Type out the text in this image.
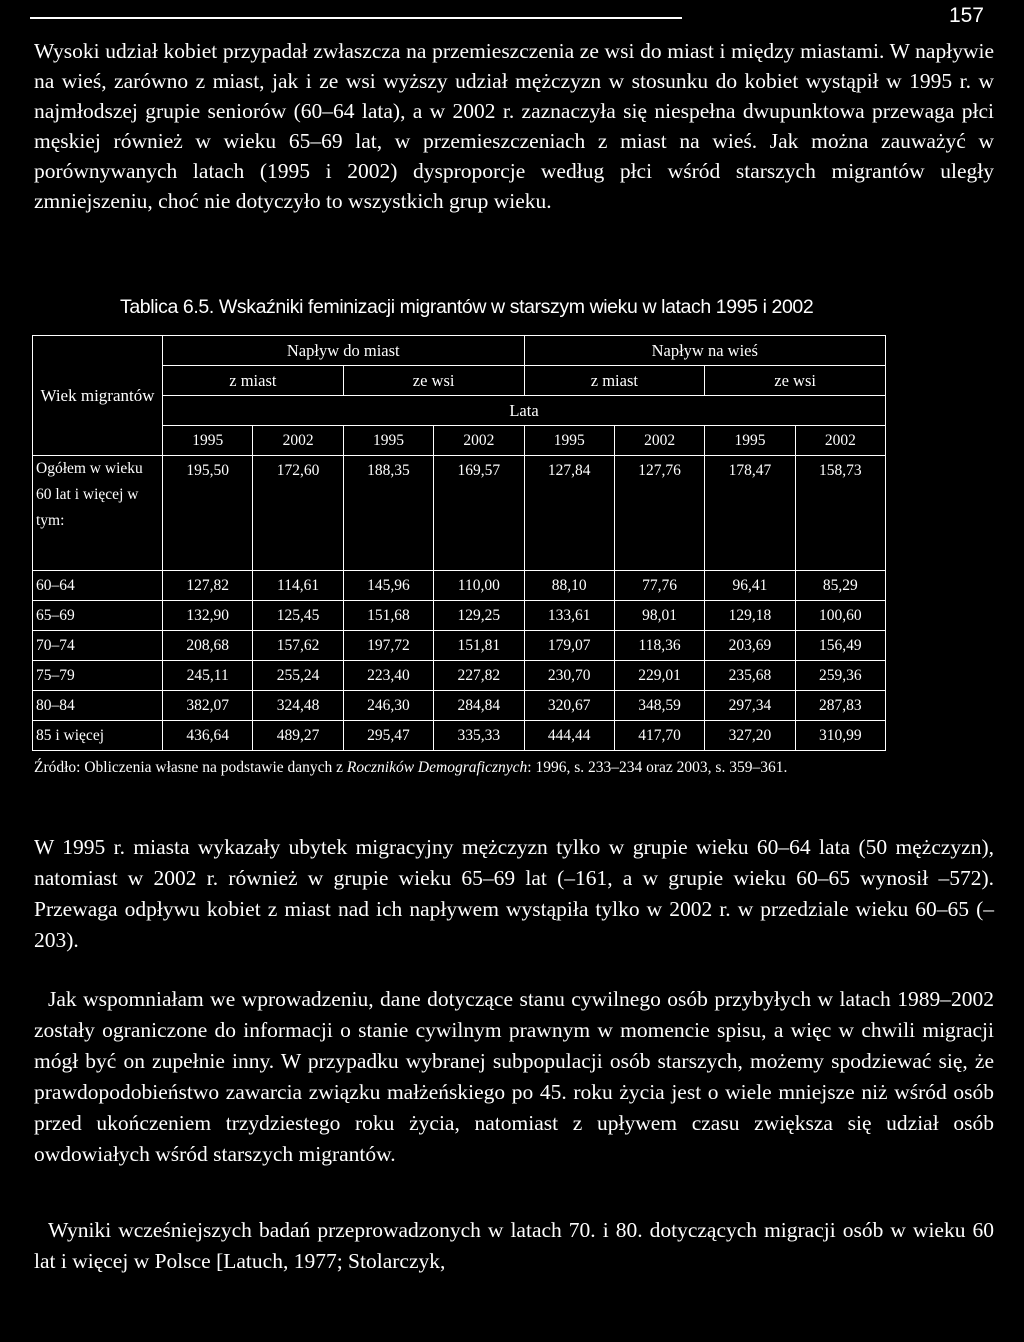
157

Wysoki udział kobiet przypadał zwłaszcza na przemieszczenia ze wsi do miast i między miastami. W napływie na wieś, zarówno z miast, jak i ze wsi wyższy udział mężczyzn w stosunku do kobiet wystąpił w 1995 r. w najmłodszej grupie seniorów (60–64 lata), a w 2002 r. zaznaczyła się niespełna dwupunktowa przewaga płci męskiej również w wieku 65–69 lat, w przemieszczeniach z miast na wieś. Jak można zauważyć w porównywanych latach (1995 i 2002) dysproporcje według płci wśród starszych migrantów uległy zmniejszeniu, choć nie dotyczyło to wszystkich grup wieku.

Tablica 6.5. Wskaźniki feminizacji migrantów w starszym wieku w latach 1995 i 2002
Wiek migrantów	Napływ do miast				Napływ na wieś			
	z miast		ze wsi		z miast		ze wsi	
	Lata							
	1995	2002	1995	2002	1995	2002	1995	2002
Ogółem w wieku 60 lat i więcej w tym:	195,50	172,60	188,35	169,57	127,84	127,76	178,47	158,73
60–64	127,82	114,61	145,96	110,00	88,10	77,76	96,41	85,29
65–69	132,90	125,45	151,68	129,25	133,61	98,01	129,18	100,60
70–74	208,68	157,62	197,72	151,81	179,07	118,36	203,69	156,49
75–79	245,11	255,24	223,40	227,82	230,70	229,01	235,68	259,36
80–84	382,07	324,48	246,30	284,84	320,67	348,59	297,34	287,83
85 i więcej	436,64	489,27	295,47	335,33	444,44	417,70	327,20	310,99
Źródło: Obliczenia własne na podstawie danych z Roczników Demograficznych: 1996, s. 233–234 oraz 2003, s. 359–361.

W 1995 r. miasta wykazały ubytek migracyjny mężczyzn tylko w grupie wieku 60–64 lata (50 mężczyzn), natomiast w 2002 r. również w grupie wieku 65–69 lat (–161, a w grupie wieku 60–65 wynosił –572). Przewaga odpływu kobiet z miast nad ich napływem wystąpiła tylko w 2002 r. w przedziale wieku 60–65 (–203).

Jak wspomniałam we wprowadzeniu, dane dotyczące stanu cywilnego osób przybyłych w latach 1989–2002 zostały ograniczone do informacji o stanie cywilnym prawnym w momencie spisu, a więc w chwili migracji mógł być on zupełnie inny. W przypadku wybranej subpopulacji osób starszych, możemy spodziewać się, że prawdopodobieństwo zawarcia związku małżeńskiego po 45. roku życia jest o wiele mniejsze niż wśród osób przed ukończeniem trzydziestego roku życia, natomiast z upływem czasu zwiększa się udział osób owdowiałych wśród starszych migrantów.

Wyniki wcześniejszych badań przeprowadzonych w latach 70. i 80. dotyczących migracji osób w wieku 60 lat i więcej w Polsce [Latuch, 1977; Stolarczyk,
